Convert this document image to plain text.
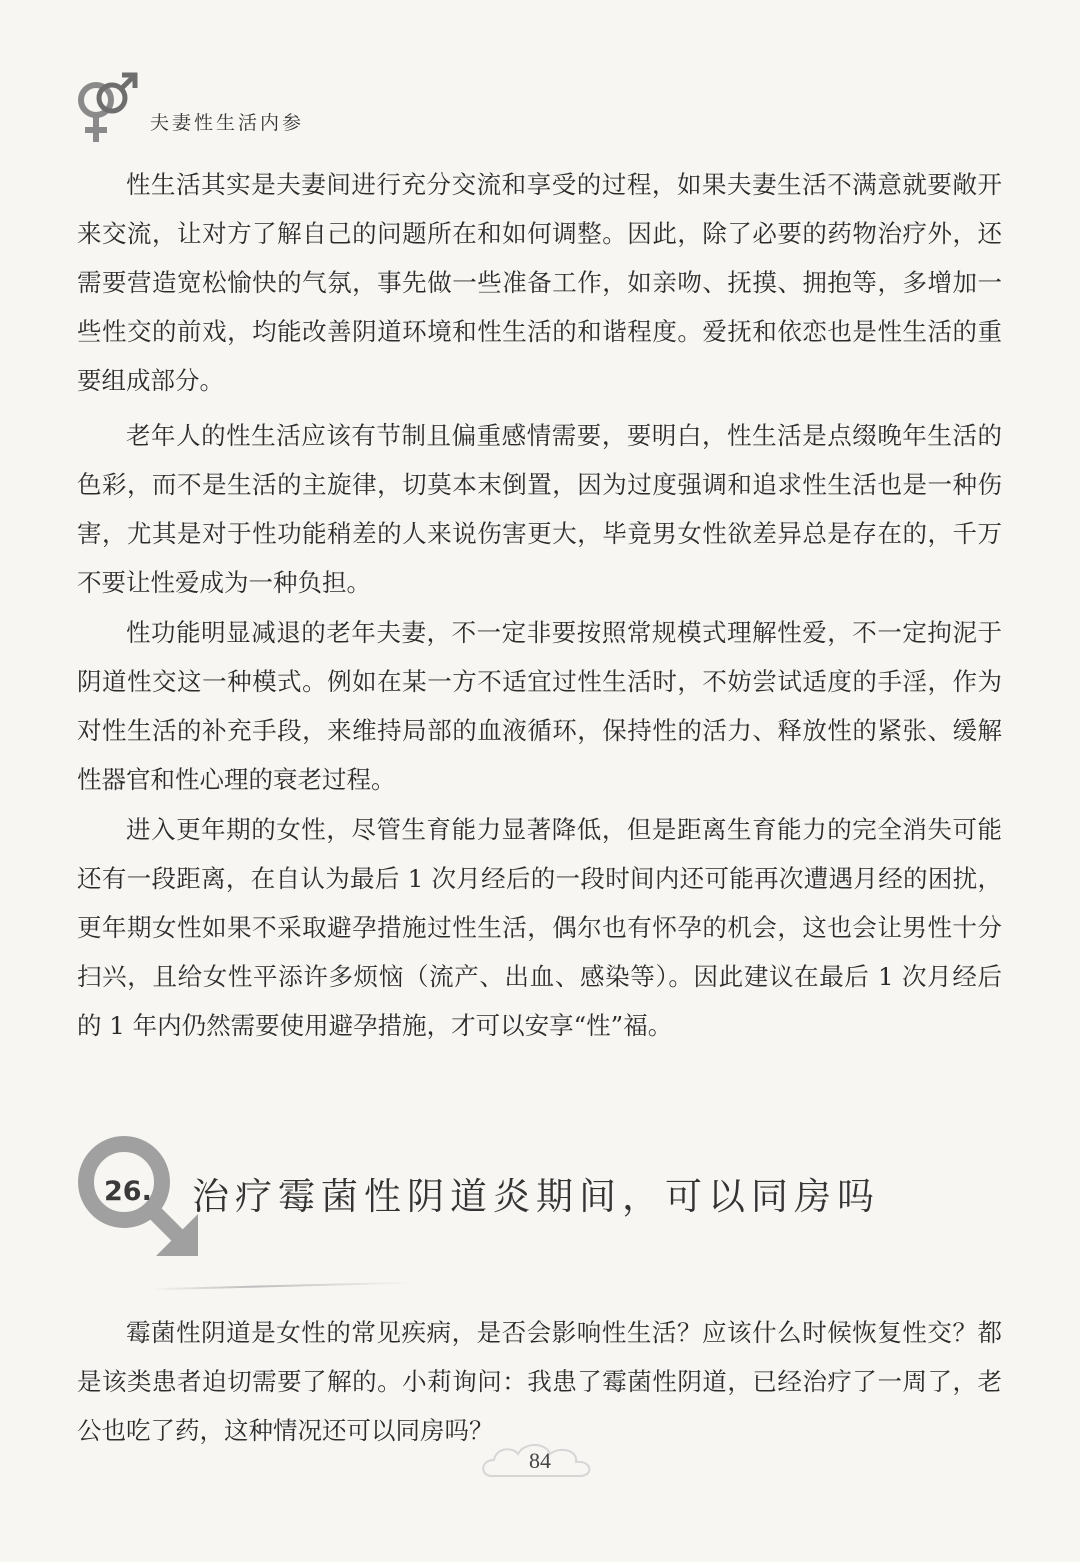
夫妻性生活内参

性生活其实是夫妻间进行充分交流和享受的过程，如果夫妻生活不满意就要敞开来交流，让对方了解自己的问题所在和如何调整。因此，除了必要的药物治疗外，还需要营造宽松愉快的气氛，事先做一些准备工作，如亲吻、抚摸、拥抱等，多增加一些性交的前戏，均能改善阴道环境和性生活的和谐程度。爱抚和依恋也是性生活的重要组成部分。

老年人的性生活应该有节制且偏重感情需要，要明白，性生活是点缀晚年生活的色彩，而不是生活的主旋律，切莫本末倒置，因为过度强调和追求性生活也是一种伤害，尤其是对于性功能稍差的人来说伤害更大，毕竟男女性欲差异总是存在的，千万不要让性爱成为一种负担。

性功能明显减退的老年夫妻，不一定非要按照常规模式理解性爱，不一定拘泥于阴道性交这一种模式。例如在某一方不适宜过性生活时，不妨尝试适度的手淫，作为对性生活的补充手段，来维持局部的血液循环，保持性的活力、释放性的紧张、缓解性器官和性心理的衰老过程。

进入更年期的女性，尽管生育能力显著降低，但是距离生育能力的完全消失可能还有一段距离，在自认为最后 1 次月经后的一段时间内还可能再次遭遇月经的困扰，更年期女性如果不采取避孕措施过性生活，偶尔也有怀孕的机会，这也会让男性十分扫兴，且给女性平添许多烦恼（流产、出血、感染等）。因此建议在最后 1 次月经后的 1 年内仍然需要使用避孕措施，才可以安享“性”福。

26. 治疗霉菌性阴道炎期间，可以同房吗

霉菌性阴道是女性的常见疾病，是否会影响性生活？应该什么时候恢复性交？都是该类患者迫切需要了解的。小莉询问：我患了霉菌性阴道，已经治疗了一周了，老公也吃了药，这种情况还可以同房吗？

84
